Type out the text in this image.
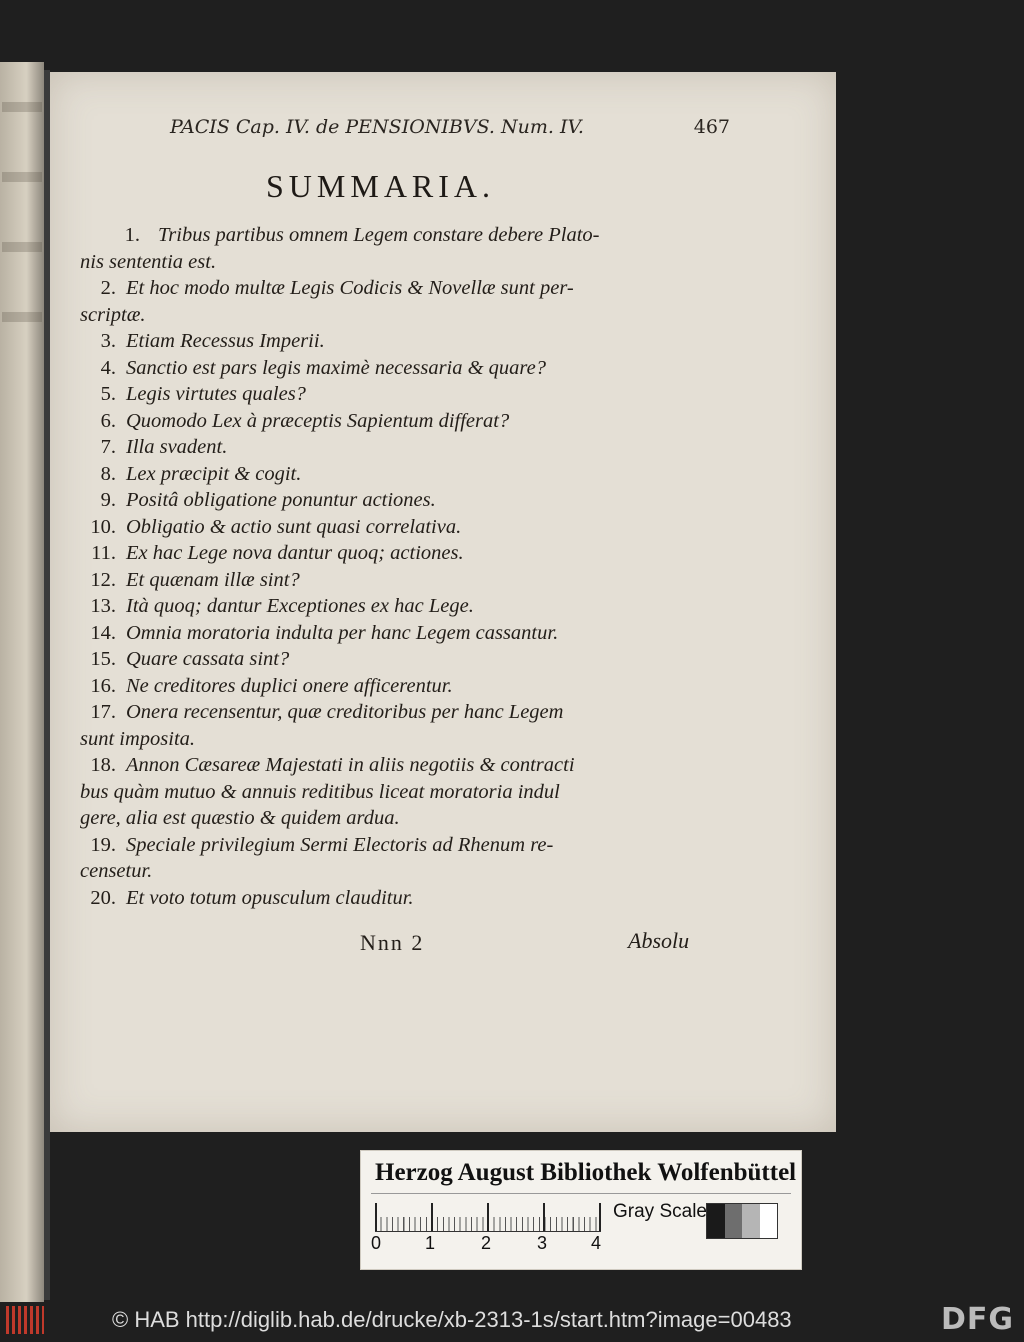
PACIS Cap. IV. de PENSIONIBVS. Num. IV.	467
SUMMARIA.
1. Tribus partibus omnem Legem constare debere Plato-
nis sententia est.
2. Et hoc modo multæ Legis Codicis & Novellæ sunt per-
scriptæ.
3. Etiam Recessus Imperii.
4. Sanctio est pars legis maximè necessaria & quare?
5. Legis virtutes quales?
6. Quomodo Lex à præceptis Sapientum differat?
7. Illa svadent.
8. Lex præcipit & cogit.
9. Positâ obligatione ponuntur actiones.
10. Obligatio & actio sunt quasi correlativa.
11. Ex hac Lege nova dantur quoq; actiones.
12. Et quænam illæ sint?
13. Ità quoq; dantur Exceptiones ex hac Lege.
14. Omnia moratoria indulta per hanc Legem cassantur.
15. Quare cassata sint?
16. Ne creditores duplici onere afficerentur.
17. Onera recensentur, quæ creditoribus per hanc Legem
sunt imposita.
18. Annon Cæsareæ Majestati in aliis negotiis & contracti
bus quàm mutuo & annuis reditibus liceat moratoria indul
gere, alia est quæstio & quidem ardua.
19. Speciale privilegium Sermi Electoris ad Rhenum re-
censetur.
20. Et voto totum opusculum clauditur.
Nnn 2	Absolu
Herzog August Bibliothek Wolfenbüttel
0 1	2	3 4
Gray Scale
© HAB http://diglib.hab.de/drucke/xb-2313-1s/start.htm?image=00483	DFG
